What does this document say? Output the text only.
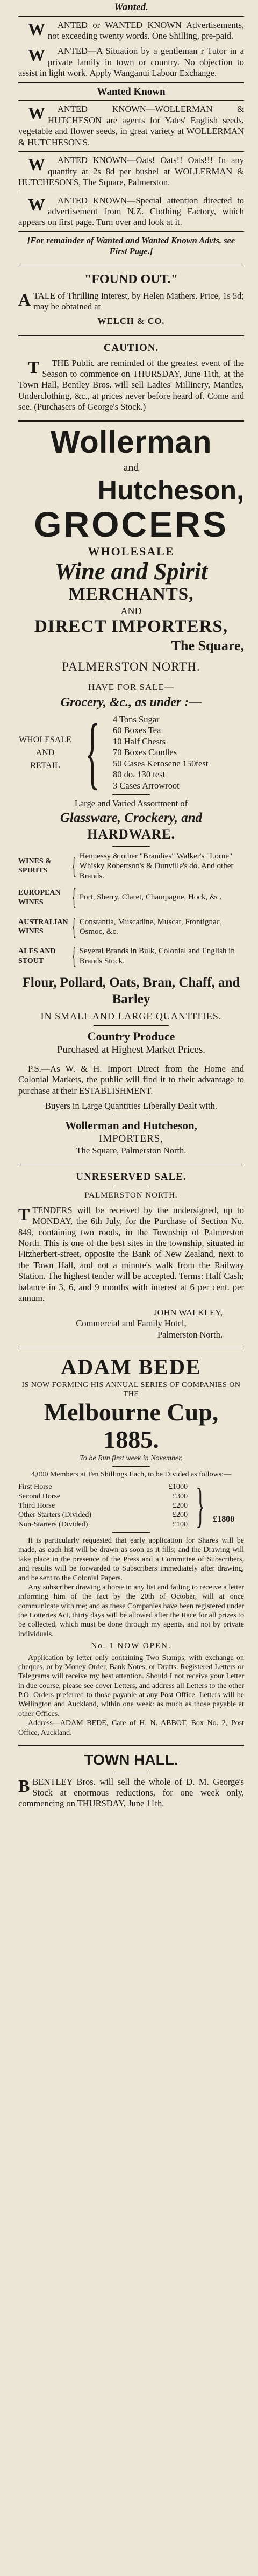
Wanted.

W ANTED or WANTED KNOWN Advertisements, not exceeding twenty words. One Shilling, pre-paid.

W ANTED—A Situation by a gentleman r Tutor in a private family in town or country. No objection to assist in light work. Apply Wanganui Labour Exchange.

Wanted Known

W ANTED KNOWN—WOLLERMAN & HUTCHESON are agents for Yates' English seeds, vegetable and flower seeds, in great variety at WOLLERMAN & HUTCHESON'S.

W ANTED KNOWN—Oats! Oats!! Oats!!! In any quantity at 2s 8d per bushel at WOLLERMAN & HUTCHESON'S, The Square, Palmerston.

W ANTED KNOWN—Special attention directed to advertisement from N.Z. Clothing Factory, which appears on first page. Turn over and look at it.

[For remainder of Wanted and Wanted Known Advts. see First Page.]
"FOUND OUT."

ATALE of Thrilling Interest, by Helen Mathers. Price, 1s 5d; may be obtained at

WELCH & CO.
CAUTION.

T THE Public are reminded of the greatest event of the Season to commence on THURSDAY, June 11th, at the Town Hall, Bentley Bros. will sell Ladies' Millinery, Mantles, Underclothing, &c., at prices never before heard of. Come and see. (Purchasers of George's Stock.)

Wollerman
and
Hutcheson,
GROCERS
WHOLESALE
Wine and Spirit
MERCHANTS,
AND
DIRECT IMPORTERS,
The Square,
PALMERSTON NORTH.
HAVE FOR SALE—
Grocery, &c., as under :—
WHOLESALE
AND
RETAIL	{	4 Tons Sugar
60 Boxes Tea
10 Half Chests
70 Boxes Candles
50 Cases Kerosene 150test
80 do. 130 test
3 Cases Arrowroot
Large and Varied Assortment of
Glassware, Crockery, and
HARDWARE.
WINES & SPIRITS	{	Hennessy & other "Brandies" Walker's "Lorne" Whisky Robertson's & Dunville's do. And other Brands.
EUROPEAN WINES	{	Port, Sherry, Claret, Champagne, Hock, &c.
AUSTRALIAN WINES	{	Constantia, Muscadine, Muscat, Frontignac, Osmoc, &c.
ALES AND STOUT	{	Several Brands in Bulk, Colonial and English in Brands Stock.
Flour, Pollard, Oats, Bran, Chaff, and Barley
IN SMALL AND LARGE QUANTITIES.
Country Produce
Purchased at Highest Market Prices.

P.S.—As W. & H. Import Direct from the Home and Colonial Markets, the public will find it to their advantage to purchase at their ESTABLISHMENT.

Buyers in Large Quantities Liberally Dealt with.
Wollerman and Hutcheson,
IMPORTERS,
The Square, Palmerston North.
UNRESERVED SALE.
PALMERSTON NORTH.

TTENDERS will be received by the undersigned, up to MONDAY, the 6th July, for the Purchase of Section No. 849, containing two roods, in the Township of Palmerston North. This is one of the best sites in the township, situated in Fitzherbert-street, opposite the Bank of New Zealand, next to the Town Hall, and not a minute's walk from the Railway Station. The highest tender will be accepted. Terms: Half Cash; balance in 3, 6, and 9 months with interest at 6 per cent. per annum.

JOHN WALKLEY,
Commercial and Family Hotel,
Palmerston North.
ADAM BEDE
IS NOW FORMING HIS ANNUAL SERIES OF COMPANIES ON THE
Melbourne Cup, 1885.
To be Run first week in November.
4,000 Members at Ten Shillings Each, to be Divided as follows:—
First Horse	£1000
Second Horse	£300
Third Horse	£200
Other Starters (Divided)	£200
Non-Starters (Divided)	£100	} £1800

It is particularly requested that early application for Shares will be made, as each list will be drawn as soon as it fills; and the Drawing will take place in the presence of the Press and a Committee of Subscribers, and results will be forwarded to Subscribers immediately after drawing, and be sent to the Colonial Papers.

Any subscriber drawing a horse in any list and failing to receive a letter informing him of the fact by the 20th of October, will at once communicate with me; and as these Companies have been registered under the Lotteries Act, thirty days will be allowed after the Race for all prizes to be collected, which must be done through my agents, and not by private individuals.

No. 1 NOW OPEN.

Application by letter only containing Two Stamps, with exchange on cheques, or by Money Order, Bank Notes, or Drafts. Registered Letters or Telegrams will receive my best attention. Should I not receive your Letter in due course, please see cover Letters, and address all Letters to the other P.O. Orders preferred to those payable at any Post Office. Letters will be Wellington and Auckland, within one week: as much as those payable at other Offices.

Address—ADAM BEDE, Care of H. N. ABBOT, Box No. 2, Post Office, Auckland.

TOWN HALL.

BBENTLEY Bros. will sell the whole of D. M. George's Stock at enormous reductions, for one week only, commencing on THURSDAY, June 11th.
